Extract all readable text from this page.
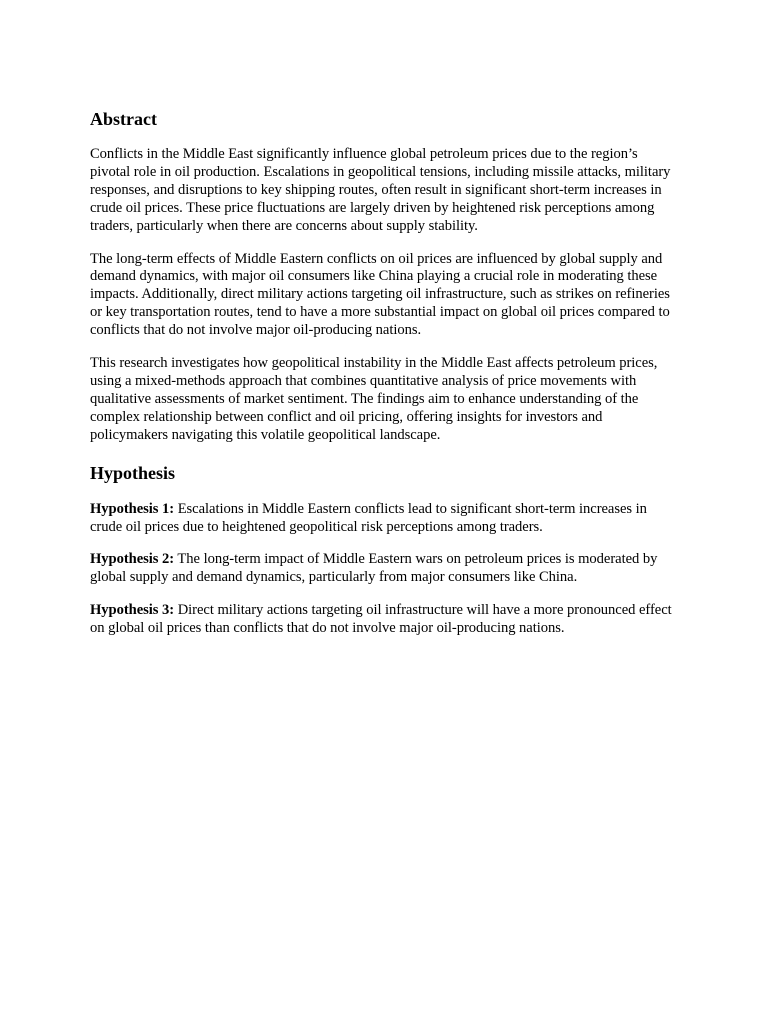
Abstract

Conflicts in the Middle East significantly influence global petroleum prices due to the region’s pivotal role in oil production. Escalations in geopolitical tensions, including missile attacks, military responses, and disruptions to key shipping routes, often result in significant short-term increases in crude oil prices. These price fluctuations are largely driven by heightened risk perceptions among traders, particularly when there are concerns about supply stability.

The long-term effects of Middle Eastern conflicts on oil prices are influenced by global supply and demand dynamics, with major oil consumers like China playing a crucial role in moderating these impacts. Additionally, direct military actions targeting oil infrastructure, such as strikes on refineries or key transportation routes, tend to have a more substantial impact on global oil prices compared to conflicts that do not involve major oil-producing nations.

This research investigates how geopolitical instability in the Middle East affects petroleum prices, using a mixed-methods approach that combines quantitative analysis of price movements with qualitative assessments of market sentiment. The findings aim to enhance understanding of the complex relationship between conflict and oil pricing, offering insights for investors and policymakers navigating this volatile geopolitical landscape.

Hypothesis

Hypothesis 1: Escalations in Middle Eastern conflicts lead to significant short-term increases in crude oil prices due to heightened geopolitical risk perceptions among traders.

Hypothesis 2: The long-term impact of Middle Eastern wars on petroleum prices is moderated by global supply and demand dynamics, particularly from major consumers like China.

Hypothesis 3: Direct military actions targeting oil infrastructure will have a more pronounced effect on global oil prices than conflicts that do not involve major oil-producing nations.
